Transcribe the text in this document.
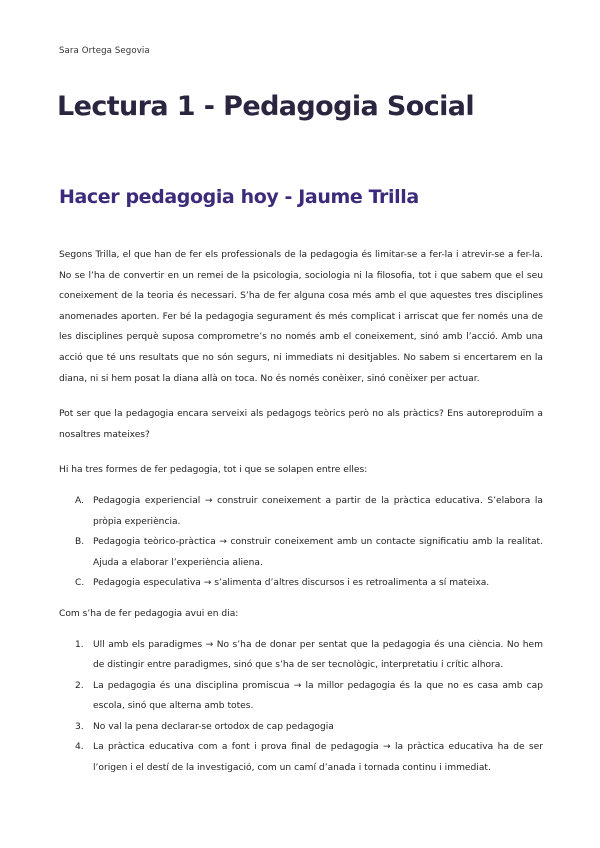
Sara Ortega Segovia
Lectura 1 - Pedagogia Social
Hacer pedagogia hoy - Jaume Trilla

Segons Trilla, el que han de fer els professionals de la pedagogia és limitar-se a fer-la i atrevir-se a fer-la. No se l’ha de convertir en un remei de la psicologia, sociologia ni la filosofia, tot i que sabem que el seu coneixement de la teoria és necessari. S’ha de fer alguna cosa més amb el que aquestes tres disciplines anomenades aporten. Fer bé la pedagogia segurament és més complicat i arriscat que fer només una de les disciplines perquè suposa comprometre’s no només amb el coneixement, sinó amb l’acció. Amb una acció que té uns resultats que no són segurs, ni immediats ni desitjables. No sabem si encertarem en la diana, ni si hem posat la diana allà on toca. No és només conèixer, sinó conèixer per actuar.

Pot ser que la pedagogia encara serveixi als pedagogs teòrics però no als pràctics? Ens autoreproduïm a nosaltres mateixes?

Hi ha tres formes de fer pedagogia, tot i que se solapen entre elles:

A. Pedagogia experiencial → construir coneixement a partir de la pràctica educativa. S’elabora la pròpia experiència.
B. Pedagogia teòrico-pràctica → construir coneixement amb un contacte significatiu amb la realitat. Ajuda a elaborar l’experiència aliena.
C. Pedagogia especulativa → s’alimenta d’altres discursos i es retroalimenta a sí mateixa.

Com s’ha de fer pedagogia avui en dia:

1. Ull amb els paradigmes → No s’ha de donar per sentat que la pedagogia és una ciència. No hem de distingir entre paradigmes, sinó que s’ha de ser tecnològic, interpretatiu i crític alhora.
2. La pedagogia és una disciplina promiscua → la millor pedagogia és la que no es casa amb cap escola, sinó que alterna amb totes.
3. No val la pena declarar-se ortodox de cap pedagogia
4. La pràctica educativa com a font i prova final de pedagogia → la pràctica educativa ha de ser l’origen i el destí de la investigació, com un camí d’anada i tornada continu i immediat.
